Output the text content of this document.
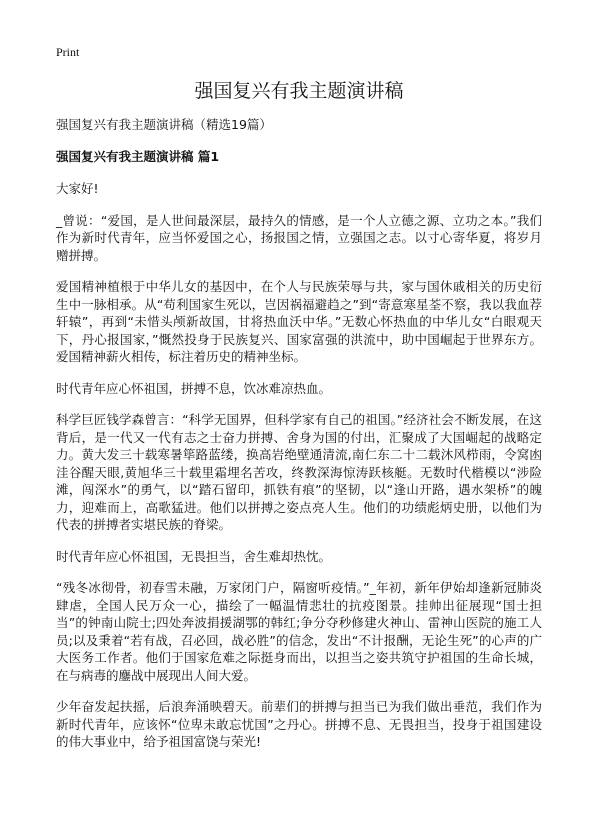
Print
强国复兴有我主题演讲稿
强国复兴有我主题演讲稿（精选19篇）
强国复兴有我主题演讲稿 篇1

大家好!

_曾说：“爱国，是人世间最深层，最持久的情感，是一个人立德之源、立功之本。”我们作为新时代青年，应当怀爱国之心，扬报国之情，立强国之志。以寸心寄华夏，将岁月赠拼搏。

爱国精神植根于中华儿女的基因中，在个人与民族荣辱与共，家与国休戚相关的历史衍生中一脉相承。从“苟利国家生死以，岂因祸福避趋之”到“寄意寒星荃不察，我以我血荐轩辕”，再到“未惜头颅新故国，甘将热血沃中华。”无数心怀热血的中华儿女“白眼观天下，丹心报国家，”慨然投身于民族复兴、国家富强的洪流中，助中国崛起于世界东方。爱国精神薪火相传，标注着历史的精神坐标。

时代青年应心怀祖国，拼搏不息，饮冰难凉热血。

科学巨匠钱学森曾言：“科学无国界，但科学家有自己的祖国。”经济社会不断发展，在这背后，是一代又一代有志之士奋力拼搏、舍身为国的付出，汇聚成了大国崛起的战略定力。黄大发三十载寒暑筚路蓝缕，换高岩绝壁通清流,南仁东二十二载沐风栉雨，令窝凼洼谷醒天眼,黄旭华三十载里霜埋名苦攻，终教深海惊涛跃核艇。无数时代楷模以“涉险滩，闯深水”的勇气，以“踏石留印，抓铁有痕”的坚韧，以“逢山开路，遇水架桥”的魄力，迎难而上，高歌猛进。他们以拼搏之姿点亮人生。他们的功绩彪炳史册，以他们为代表的拼搏者实堪民族的脊梁。

时代青年应心怀祖国，无畏担当，舍生难却热忱。

“残冬冰彻骨，初春雪未融，万家闭门户，隔窗听疫情。”_年初，新年伊始却逢新冠肺炎肆虐，全国人民万众一心，描绘了一幅温情悲壮的抗疫图景。挂帅出征展现“国士担当”的钟南山院士;四处奔波捐援湖鄂的韩红;争分夺秒修建火神山、雷神山医院的施工人员;以及秉着“若有战，召必回，战必胜”的信念，发出“不计报酬，无论生死”的心声的广大医务工作者。他们于国家危难之际挺身而出，以担当之姿共筑守护祖国的生命长城，在与病毒的鏖战中展现出人间大爱。

少年奋发起扶摇，后浪奔涌映碧天。前辈们的拼搏与担当已为我们做出垂范，我们作为新时代青年，应该怀“位卑未敢忘忧国”之丹心。拼搏不息、无畏担当，投身于祖国建设的伟大事业中，给予祖国富饶与荣光!
